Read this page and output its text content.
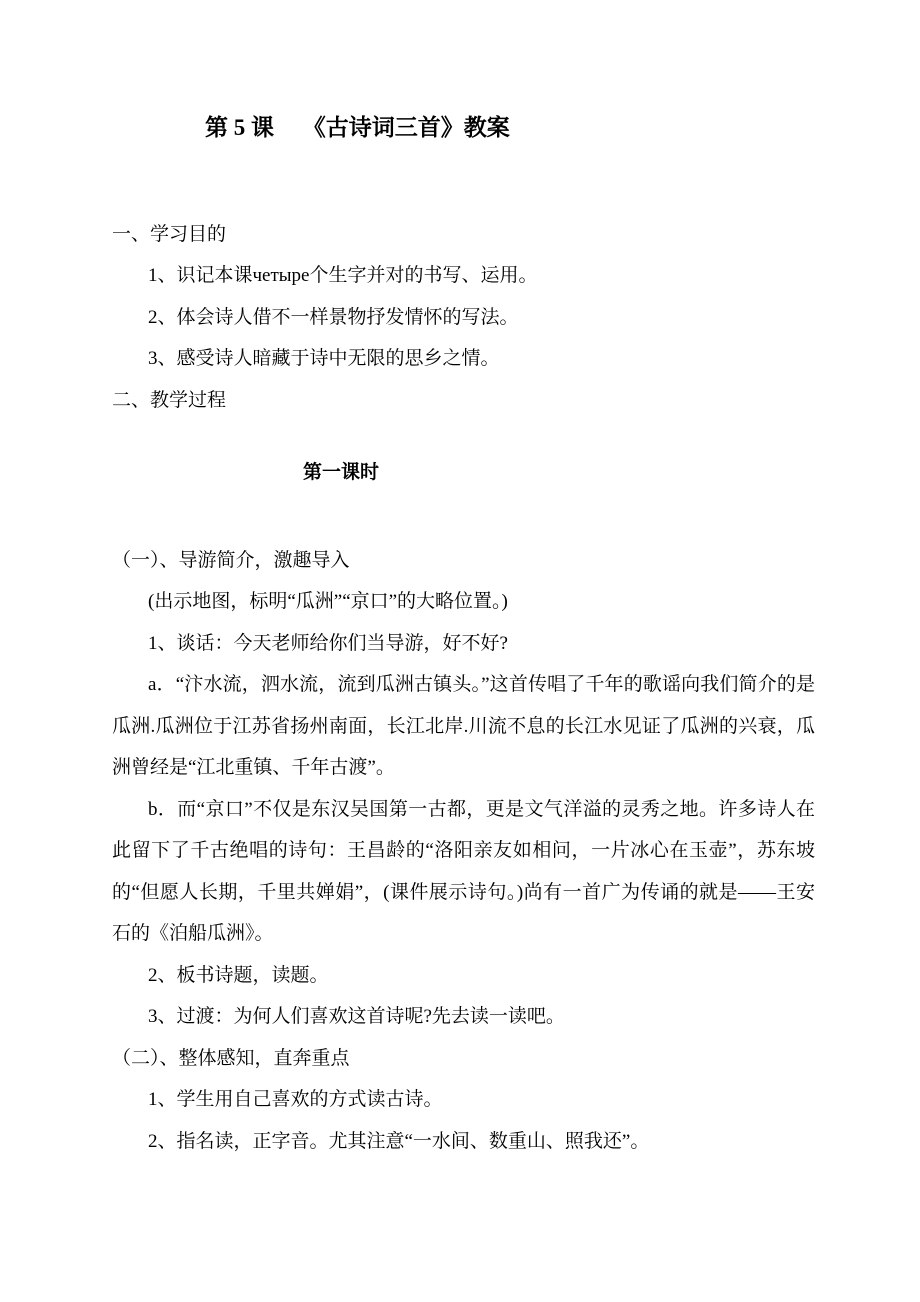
第 5 课　 《古诗词三首》教案

一、学习目的

1、识记本课четыре个生字并对的书写、运用。

2、体会诗人借不一样景物抒发情怀的写法。

3、感受诗人暗藏于诗中无限的思乡之情。

二、教学过程

第一课时

（一）、导游简介，激趣导入

(出示地图，标明“瓜洲”“京口”的大略位置。)

1、谈话：今天老师给你们当导游，好不好?

a．“汴水流，泗水流，流到瓜洲古镇头。”这首传唱了千年的歌谣向我们简介的是瓜洲.瓜洲位于江苏省扬州南面，长江北岸.川流不息的长江水见证了瓜洲的兴衰，瓜洲曾经是“江北重镇、千年古渡”。

b．而“京口”不仅是东汉吴国第一古都，更是文气洋溢的灵秀之地。许多诗人在此留下了千古绝唱的诗句：王昌龄的“洛阳亲友如相问，一片冰心在玉壶”，苏东坡的“但愿人长期，千里共婵娟”，(课件展示诗句。)尚有一首广为传诵的就是——王安石的《泊船瓜洲》。

2、板书诗题，读题。

3、过渡：为何人们喜欢这首诗呢?先去读一读吧。

（二）、整体感知，直奔重点

1、学生用自己喜欢的方式读古诗。

2、指名读，正字音。尤其注意“一水间、数重山、照我还”。
